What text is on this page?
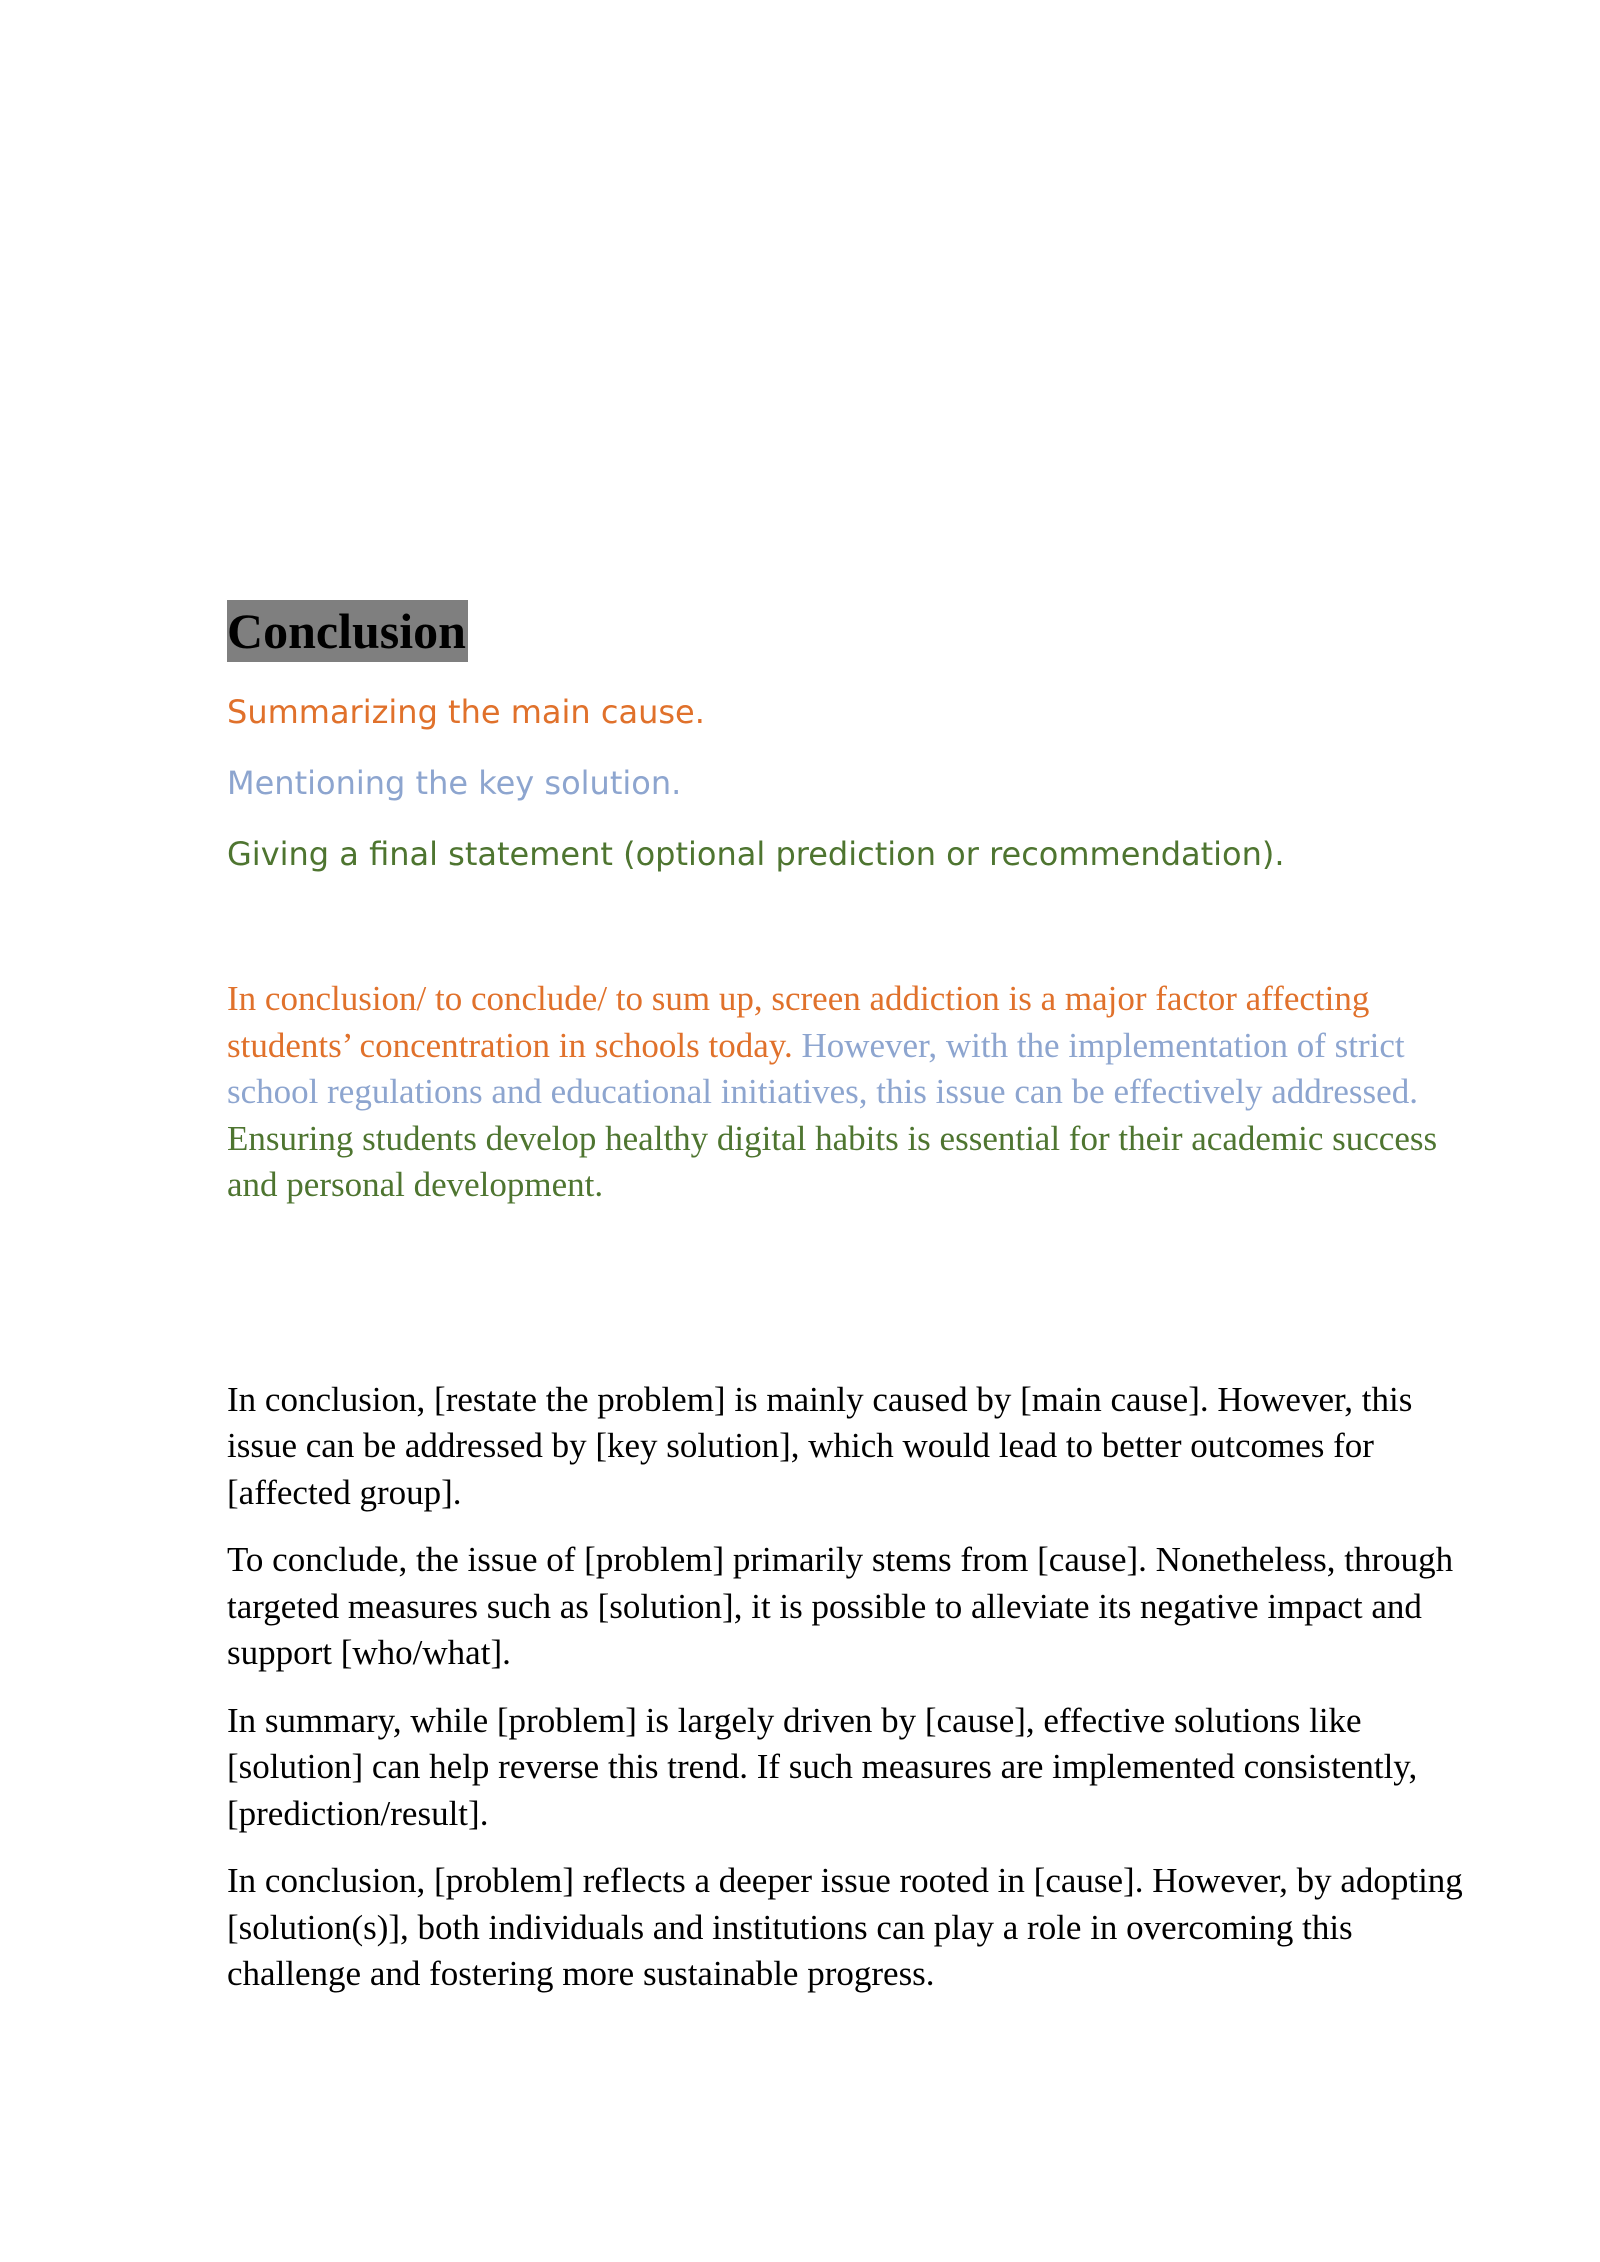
Conclusion

Summarizing the main cause.

Mentioning the key solution.

Giving a final statement (optional prediction or recommendation).

In conclusion/ to conclude/ to sum up, screen addiction is a major factor affecting students’ concentration in schools today. However, with the implementation of strict school regulations and educational initiatives, this issue can be effectively addressed. Ensuring students develop healthy digital habits is essential for their academic success and personal development.

In conclusion, [restate the problem] is mainly caused by [main cause]. However, this issue can be addressed by [key solution], which would lead to better outcomes for [affected group].

To conclude, the issue of [problem] primarily stems from [cause]. Nonetheless, through targeted measures such as [solution], it is possible to alleviate its negative impact and support [who/what].

In summary, while [problem] is largely driven by [cause], effective solutions like [solution] can help reverse this trend. If such measures are implemented consistently, [prediction/result].

In conclusion, [problem] reflects a deeper issue rooted in [cause]. However, by adopting [solution(s)], both individuals and institutions can play a role in overcoming this challenge and fostering more sustainable progress.
